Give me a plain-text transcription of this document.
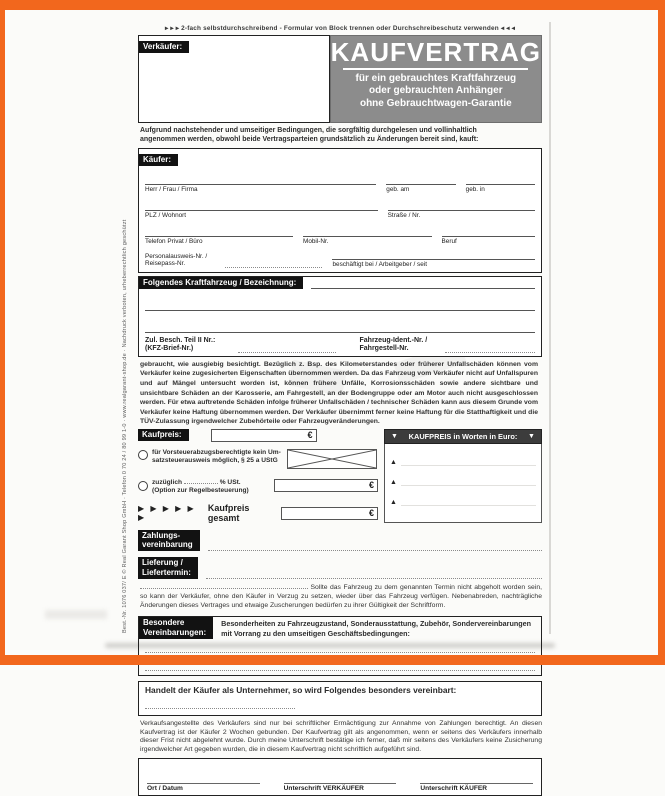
Best.-Nr. 1076 037/ E © Real Garant Shop GmbH · Telefon 0 70 24 / 80 99 1-0 · www.realgarant-shop.de · Nachdruck verboten, urheberrechtlich geschützt
▸ ▸ ▸ 2-fach selbstdurchschreibend - Formular von Block trennen oder Durchschreibeschutz verwenden ◂ ◂ ◂
Verkäufer:	KAUFVERTRAG
für ein gebrauchtes Kraftfahrzeug
oder gebrauchten Anhänger
ohne Gebrauchtwagen-Garantie
Aufgrund nachstehender und umseitiger Bedingungen, die sorgfältig durchgelesen und vollinhaltlich angenommen werden, obwohl beide Vertragsparteien grundsätzlich zu Änderungen bereit sind, kauft:
Käufer:
Herr / Frau / Firma	geb. am	geb. in
PLZ / Wohnort	Straße / Nr.
Telefon Privat / Büro	Mobil-Nr.	Beruf
Personalausweis-Nr. /
Reisepass-Nr.	beschäftigt bei / Arbeitgeber / seit
Folgendes Kraftfahrzeug / Bezeichnung:
Zul. Besch. Teil II Nr.:
(KFZ-Brief-Nr.)
Fahrzeug-Ident.-Nr. /
Fahrgestell-Nr.
gebraucht, wie ausgiebig besichtigt. Bezüglich z. Bsp. des Kilometerstandes oder früherer Unfallschäden können vom Verkäufer keine zugesicherten Eigenschaften übernommen werden. Da das Fahrzeug vom Verkäufer nicht auf Unfallspuren und auf Mängel untersucht worden ist, können frühere Unfälle, Korrosionsschäden sowie andere sichtbare und unsichtbare Schäden an der Karosserie, am Fahrgestell, an der Bodengruppe oder am Motor auch nicht ausgeschlossen werden. Für etwa auftretende Schäden infolge früherer Unfallschäden / technischer Schäden kann aus diesem Grunde vom Verkäufer keine Haftung übernommen werden. Der Verkäufer übernimmt ferner keine Haftung für die Statthaftigkeit und die TÜV-Zulassung irgendwelcher Zubehörteile oder Fahrzeugveränderungen.
Kaufpreis:	€
für Vorsteuerabzugsberechtigte kein Um-
satzsteuerausweis möglich, § 25 a UStG
zuzüglich	% USt.
(Option zur Regelbesteuerung)	€
▶ ▶ ▶ ▶ ▶ ▶
Kaufpreis gesamt	€
▼ KAUFPREIS in Worten in Euro: ▼
▲
▲
▲
Zahlungs-
vereinbarung
Lieferung /
Liefertermin:
Sollte das Fahrzeug zu dem genannten Termin nicht abgeholt worden sein, so kann der Verkäufer, ohne den Käufer in Verzug zu setzen, wieder über das Fahrzeug verfügen. Nebenabreden, nachträgliche Änderungen dieses Vertrages und etwaige Zuscherungen bedürfen zu ihrer Gültigkeit der Schriftform.
Besondere
Vereinbarungen:
Besonderheiten zu Fahrzeugzustand, Sonderausstattung, Zubehör, Sondervereinbarungen mit Vorrang zu den umseitigen Geschäftsbedingungen:
Handelt der Käufer als Unternehmer, so wird Folgendes besonders vereinbart:
Verkaufsangestellte des Verkäufers sind nur bei schriftlicher Ermächtigung zur Annahme von Zahlungen berechtigt. An diesen Kaufvertrag ist der Käufer 2 Wochen gebunden. Der Kaufvertrag gilt als angenommen, wenn er seitens des Verkäufers innerhalb dieser Frist nicht abgelehnt wurde. Durch meine Unterschrift bestätige ich ferner, daß mir seitens des Verkäufers keine Zusicherung irgendwelcher Art gegeben wurden, die in diesem Kaufvertrag nicht schriftlich aufgeführt sind.
Ort / Datum	Unterschrift VERKÄUFER	Unterschrift KÄUFER
